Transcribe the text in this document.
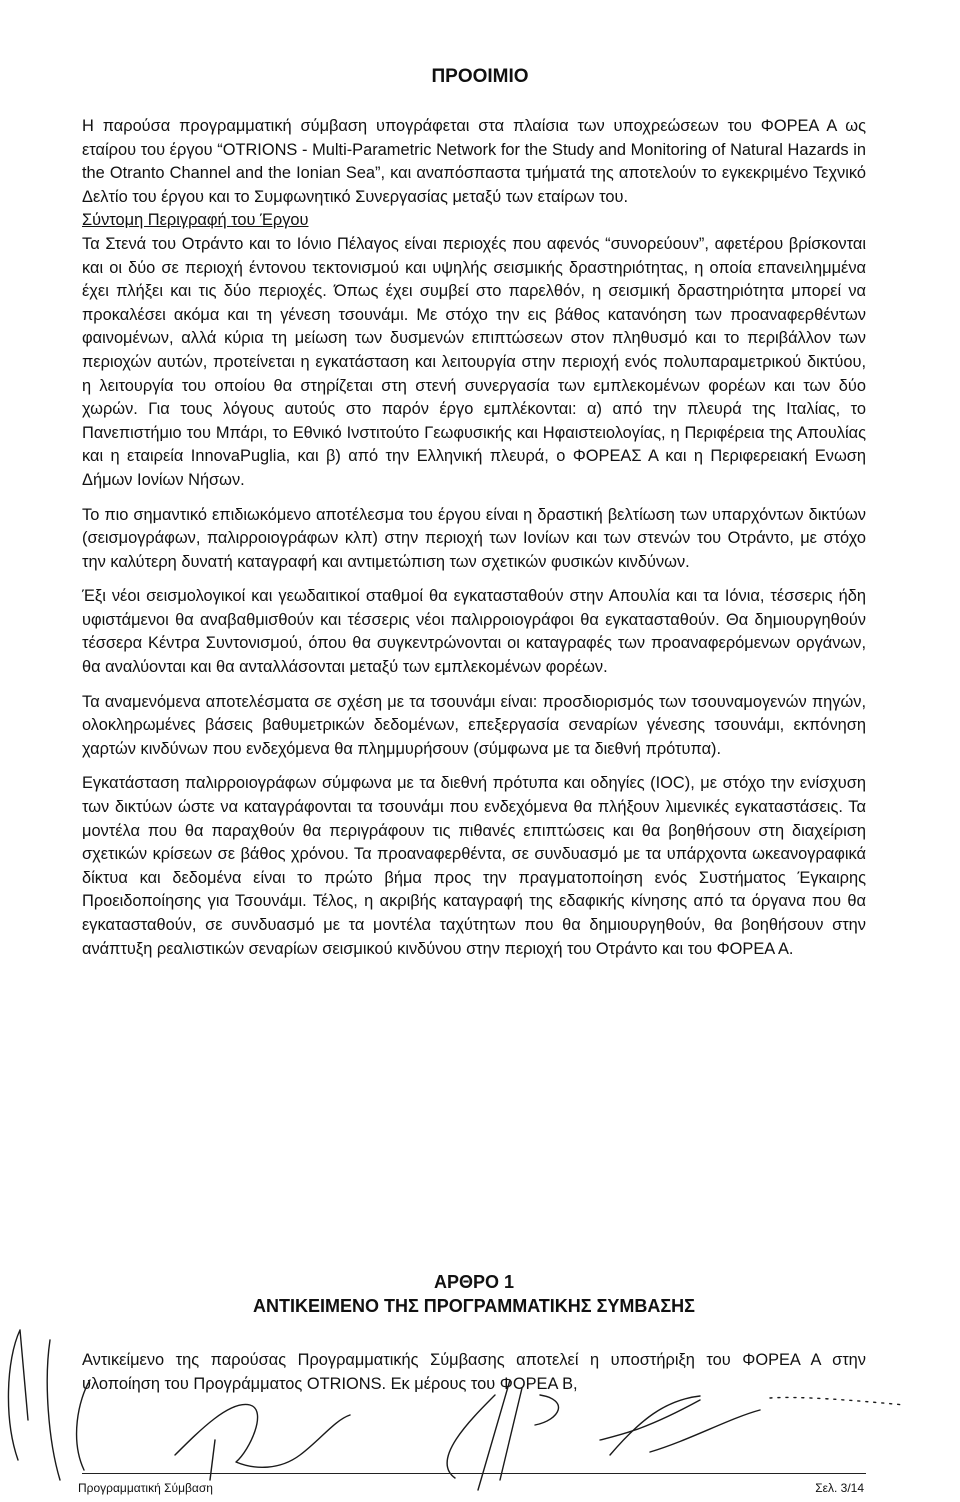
ΠΡΟΟΙΜΙΟ

Η παρούσα προγραμματική σύμβαση υπογράφεται στα πλαίσια των υποχρεώσεων του ΦΟΡΕΑ Α ως εταίρου του έργου “OTRIONS - Multi-Parametric Network for the Study and Monitoring of Natural Hazards in the Otranto Channel and the Ionian Sea”, και αναπόσπαστα τμήματά της αποτελούν το εγκεκριμένο Τεχνικό Δελτίο του έργου και το Συμφωνητικό Συνεργασίας μεταξύ των εταίρων του.

Σύντομη Περιγραφή του Έργου

Τα Στενά του Οτράντο και το Ιόνιο Πέλαγος είναι περιοχές που αφενός “συνορεύουν”, αφετέρου βρίσκονται και οι δύο σε περιοχή έντονου τεκτονισμού και υψηλής σεισμικής δραστηριότητας, η οποία επανειλημμένα έχει πλήξει και τις δύο περιοχές. Όπως έχει συμβεί στο παρελθόν, η σεισμική δραστηριότητα μπορεί να προκαλέσει ακόμα και τη γένεση τσουνάμι. Με στόχο την εις βάθος κατανόηση των προαναφερθέντων φαινομένων, αλλά κύρια τη μείωση των δυσμενών επιπτώσεων στον πληθυσμό και το περιβάλλον των περιοχών αυτών, προτείνεται η εγκατάσταση και λειτουργία στην περιοχή ενός πολυπαραμετρικού δικτύου, η λειτουργία του οποίου θα στηρίζεται στη στενή συνεργασία των εμπλεκομένων φορέων και των δύο χωρών. Για τους λόγους αυτούς στο παρόν έργο εμπλέκονται: α) από την πλευρά της Ιταλίας, το Πανεπιστήμιο του Μπάρι, το Εθνικό Ινστιτούτο Γεωφυσικής και Ηφαιστειολογίας, η Περιφέρεια της Απουλίας και η εταιρεία InnovaPuglia, και β) από την Ελληνική πλευρά, ο ΦΟΡΕΑΣ Α και η Περιφερειακή Ενωση Δήμων Ιονίων Νήσων.

Το πιο σημαντικό επιδιωκόμενο αποτέλεσμα του έργου είναι η δραστική βελτίωση των υπαρχόντων δικτύων (σεισμογράφων, παλιρροιογράφων κλπ) στην περιοχή των Ιονίων και των στενών του Οτράντο, με στόχο την καλύτερη δυνατή καταγραφή και αντιμετώπιση των σχετικών φυσικών κινδύνων.

Έξι νέοι σεισμολογικοί και γεωδαιτικοί σταθμοί θα εγκατασταθούν στην Απουλία και τα Ιόνια, τέσσερις ήδη υφιστάμενοι θα αναβαθμισθούν και τέσσερις νέοι παλιρροιογράφοι θα εγκατασταθούν. Θα δημιουργηθούν τέσσερα Κέντρα Συντονισμού, όπου θα συγκεντρώνονται οι καταγραφές των προαναφερόμενων οργάνων, θα αναλύονται και θα ανταλλάσονται μεταξύ των εμπλεκομένων φορέων.

Τα αναμενόμενα αποτελέσματα σε σχέση με τα τσουνάμι είναι: προσδιορισμός των τσουναμογενών πηγών, ολοκληρωμένες βάσεις βαθυμετρικών δεδομένων, επεξεργασία σεναρίων γένεσης τσουνάμι, εκπόνηση χαρτών κινδύνων που ενδεχόμενα θα πλημμυρήσουν (σύμφωνα με τα διεθνή πρότυπα).

Εγκατάσταση παλιρροιογράφων σύμφωνα με τα διεθνή πρότυπα και οδηγίες (IOC), με στόχο την ενίσχυση των δικτύων ώστε να καταγράφονται τα τσουνάμι που ενδεχόμενα θα πλήξουν λιμενικές εγκαταστάσεις. Τα μοντέλα που θα παραχθούν θα περιγράφουν τις πιθανές επιπτώσεις και θα βοηθήσουν στη διαχείριση σχετικών κρίσεων σε βάθος χρόνου. Τα προαναφερθέντα, σε συνδυασμό με τα υπάρχοντα ωκεανογραφικά δίκτυα και δεδομένα είναι το πρώτο βήμα προς την πραγματοποίηση ενός Συστήματος Έγκαιρης Προειδοποίησης για Τσουνάμι. Τέλος, η ακριβής καταγραφή της εδαφικής κίνησης από τα όργανα που θα εγκατασταθούν, σε συνδυασμό με τα μοντέλα ταχύτητων που θα δημιουργηθούν, θα βοηθήσουν στην ανάπτυξη ρεαλιστικών σεναρίων σεισμικού κινδύνου στην περιοχή του Οτράντο και του ΦΟΡΕΑ Α.

ΑΡΘΡΟ 1
ΑΝΤΙΚΕΙΜΕΝΟ ΤΗΣ ΠΡΟΓΡΑΜΜΑΤΙΚΗΣ ΣΥΜΒΑΣΗΣ

Αντικείμενο της παρούσας Προγραμματικής Σύμβασης αποτελεί η υποστήριξη του ΦΟΡΕΑ Α στην υλοποίηση του Προγράμματος OTRIONS. Εκ μέρους του ΦΟΡΕΑ Β,

Προγραμματική Σύμβαση	Σελ. 3/14
